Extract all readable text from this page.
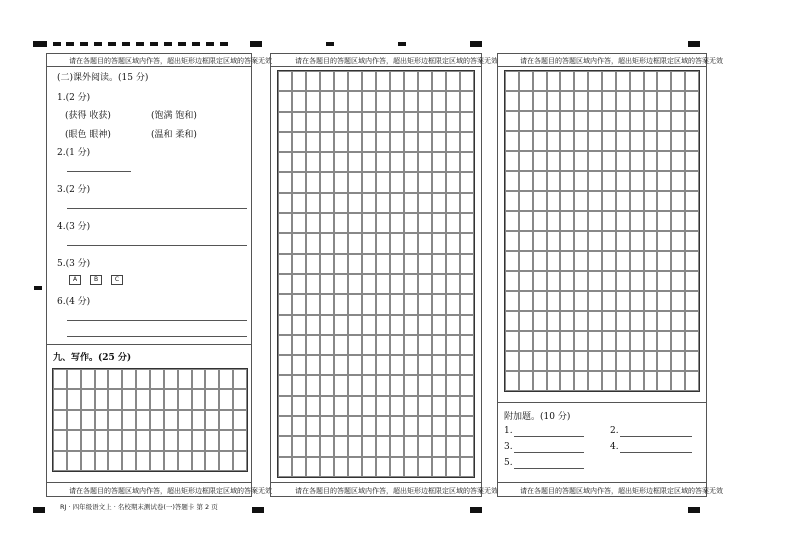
请在各题目的答题区域内作答，超出矩形边框限定区域的答案无效
(二)课外阅读。(15 分)
1.(2 分)
(获得 收获)	(饱满 饱和)
(眼色 眼神)	(温和 柔和)
2.(1 分)
3.(2 分)
4.(3 分)
5.(3 分)
A	B	C
6.(4 分)
九、写作。(25 分)
请在各题目的答题区域内作答，超出矩形边框限定区域的答案无效
请在各题目的答题区域内作答，超出矩形边框限定区域的答案无效
请在各题目的答题区域内作答，超出矩形边框限定区域的答案无效
请在各题目的答题区域内作答，超出矩形边框限定区域的答案无效
附加题。(10 分)
1.	2.
3.	4.
5.
请在各题目的答题区域内作答，超出矩形边框限定区域的答案无效
RJ · 四年级语文上 · 名校期末测试卷(一)答题卡 第 2 页
